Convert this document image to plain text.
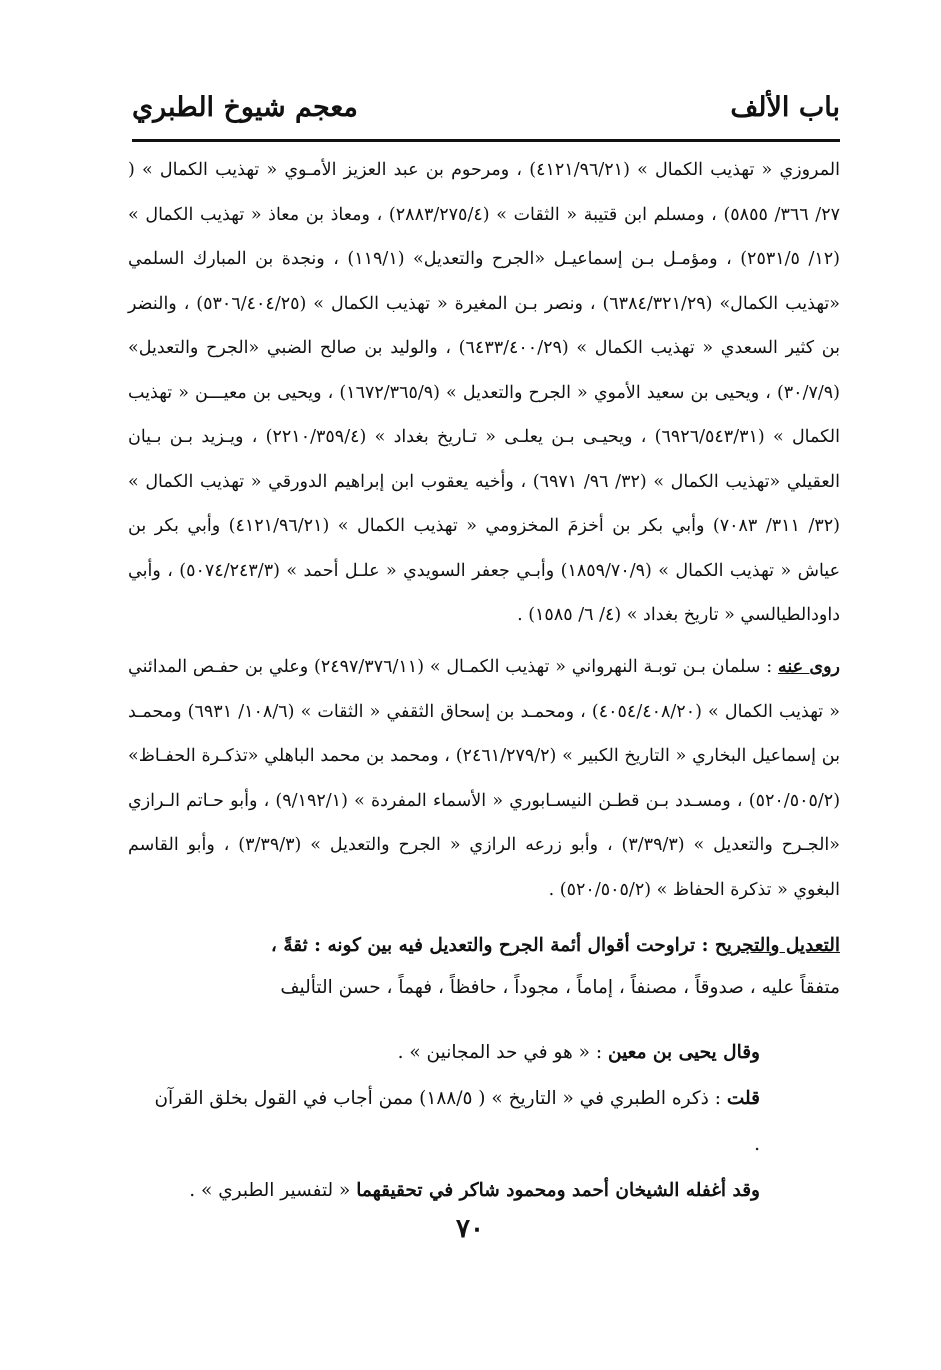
باب الألف
معجم شيوخ الطبري

المروزي « تهذيب الكمال » (٤١٢١/٩٦/٢١) ، ومرحوم بن عبد العزيز الأمـوي « تهذيب الكمال » ( ٢٧/ ٣٦٦/ ٥٨٥٥) ، ومسلم ابن قتيبة « الثقات » (٢٨٨٣/٢٧٥/٤) ، ومعاذ بن معاذ « تهذيب الكمال » (١٢/ ٢٥٣١/٥) ، ومؤمـل بـن إسماعيـل «الجرح والتعديل» (١١٩/١) ، ونجدة بن المبارك السلمي «تهذيب الكمال» (٦٣٨٤/٣٢١/٢٩) ، ونصر بـن المغيرة « تهذيب الكمال » (٥٣٠٦/٤٠٤/٢٥) ، والنضر بن كثير السعدي « تهذيب الكمال » (٦٤٣٣/٤٠٠/٢٩) ، والوليد بن صالح الضبي «الجرح والتعديل» (٣٠/٧/٩) ، ويحيى بن سعيد الأموي « الجرح والتعديل » (١٦٧٢/٣٦٥/٩) ، ويحيى بن معيـــن « تهذيب الكمال » (٦٩٢٦/٥٤٣/٣١) ، ويحيـى بـن يعلـى « تـاريخ بغداد » (٢٢١٠/٣٥٩/٤) ، ويـزيد بـن بـيان العقيلي «تهذيب الكمال » (٣٢/ ٩٦/ ٦٩٧١) ، وأخيه يعقوب ابن إبراهيم الدورقي « تهذيب الكمال » (٣٢/ ٣١١/ ٧٠٨٣) وأبي بكر بن أخزمَ المخزومي « تهذيب الكمال » (٤١٢١/٩٦/٢١) وأبي بكر بن عياش « تهذيب الكمال » (١٨٥٩/٧٠/٩) وأبـي جعفر السويدي « علـل أحمد » (٥٠٧٤/٢٤٣/٣) ، وأبي داودالطيالسي « تاريخ بغداد » (٤/ ٦/ ١٥٨٥) .

روى عنه : سلمان بـن توبـة النهرواني « تهذيب الكمـال » (٢٤٩٧/٣٧٦/١١) وعلي بن حفـص المدائني « تهذيب الكمال » (٤٠٥٤/٤٠٨/٢٠) ، ومحمـد بن إسحاق الثقفي « الثقات » (١٠٨/٦/ ٦٩٣١) ومحمـد بن إسماعيل البخاري « التاريخ الكبير » (٢٤٦١/٢٧٩/٢) ، ومحمد بن محمد الباهلي «تذكـرة الحفـاظ» (٥٢٠/٥٠٥/٢) ، ومسـدد بـن قطـن النيسـابوري « الأسماء المفردة » (٩/١٩٢/١) ، وأبو حـاتم الـرازي «الجـرح والتعديل » (٣/٣٩/٣) ، وأبو زرعه الرازي « الجرح والتعديل » (٣/٣٩/٣) ، وأبو القاسم البغوي « تذكرة الحفاظ » (٥٢٠/٥٠٥/٢) .
التعديل والتجريح : تراوحت أقوال أئمة الجرح والتعديل فيه بين كونه : ثقةً ،
متفقاً عليه ، صدوقاً ، مصنفاً ، إماماً ، مجوداً ، حافظاً ، فهماً ، حسن التأليف
وقال يحيى بن معين : « هو في حد المجانين » .
قلت : ذكره الطبري في « التاريخ » ( ١٨٨/٥) ممن أجاب في القول بخلق القرآن .
وقد أغفله الشيخان أحمد ومحمود شاكر في تحقيقهما « لتفسير الطبري » .
٧٠
